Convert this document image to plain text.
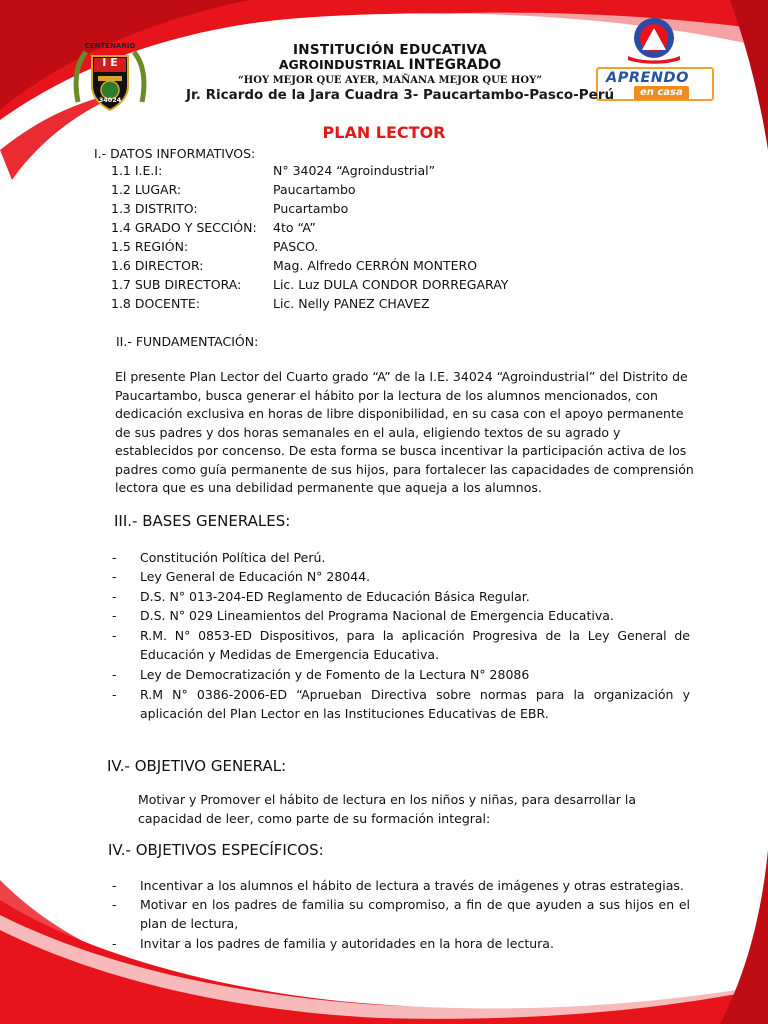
CENTENARIO
I E
34024
APRENDO
en casa
INSTITUCIÓN EDUCATIVA
AGROINDUSTRIAL INTEGRADO
“HOY MEJOR QUE AYER, MAÑANA MEJOR QUE HOY”
Jr. Ricardo de la Jara Cuadra 3- Paucartambo-Pasco-Perú
PLAN LECTOR
I.- DATOS INFORMATIVOS:
1.1 I.E.I:	N° 34024 “Agroindustrial”
1.2 LUGAR:	Paucartambo
1.3 DISTRITO:	Pucartambo
1.4 GRADO Y SECCIÓN:	4to “A”
1.5 REGIÓN:	PASCO.
1.6 DIRECTOR:	Mag. Alfredo CERRÓN MONTERO
1.7 SUB DIRECTORA:	Lic. Luz DULA CONDOR DORREGARAY
1.8 DOCENTE:	Lic. Nelly PANEZ CHAVEZ
II.- FUNDAMENTACIÓN:
El presente Plan Lector del Cuarto grado “A” de la I.E. 34024 “Agroindustrial” del Distrito de
Paucartambo, busca generar el hábito por la lectura de los alumnos mencionados, con
dedicación exclusiva en horas de libre disponibilidad, en su casa con el apoyo permanente
de sus padres y dos horas semanales en el aula, eligiendo textos de su agrado y
establecidos por concenso. De esta forma se busca incentivar la participación activa de los
padres como guía permanente de sus hijos, para fortalecer las capacidades de comprensión
lectora que es una debilidad permanente que aqueja a los alumnos.
III.- BASES GENERALES:
- Constitución Política del Perú.
- Ley General de Educación N° 28044.
- D.S. N° 013-204-ED Reglamento de Educación Básica Regular.
- D.S. N° 029 Lineamientos del Programa Nacional de Emergencia Educativa.
- R.M. N° 0853-ED Dispositivos, para la aplicación Progresiva de la Ley General de Educación y Medidas de Emergencia Educativa.
- Ley de Democratización y de Fomento de la Lectura N° 28086
- R.M N° 0386-2006-ED “Aprueban Directiva sobre normas para la organización y aplicación del Plan Lector en las Instituciones Educativas de EBR.
IV.- OBJETIVO GENERAL:
Motivar y Promover el hábito de lectura en los niños y niñas, para desarrollar la
capacidad de leer, como parte de su formación integral:
IV.- OBJETIVOS ESPECÍFICOS:
- Incentivar a los alumnos el hábito de lectura a través de imágenes y otras estrategias.
- Motivar en los padres de familia su compromiso, a fin de que ayuden a sus hijos en el plan de lectura,
- Invitar a los padres de familia y autoridades en la hora de lectura.
